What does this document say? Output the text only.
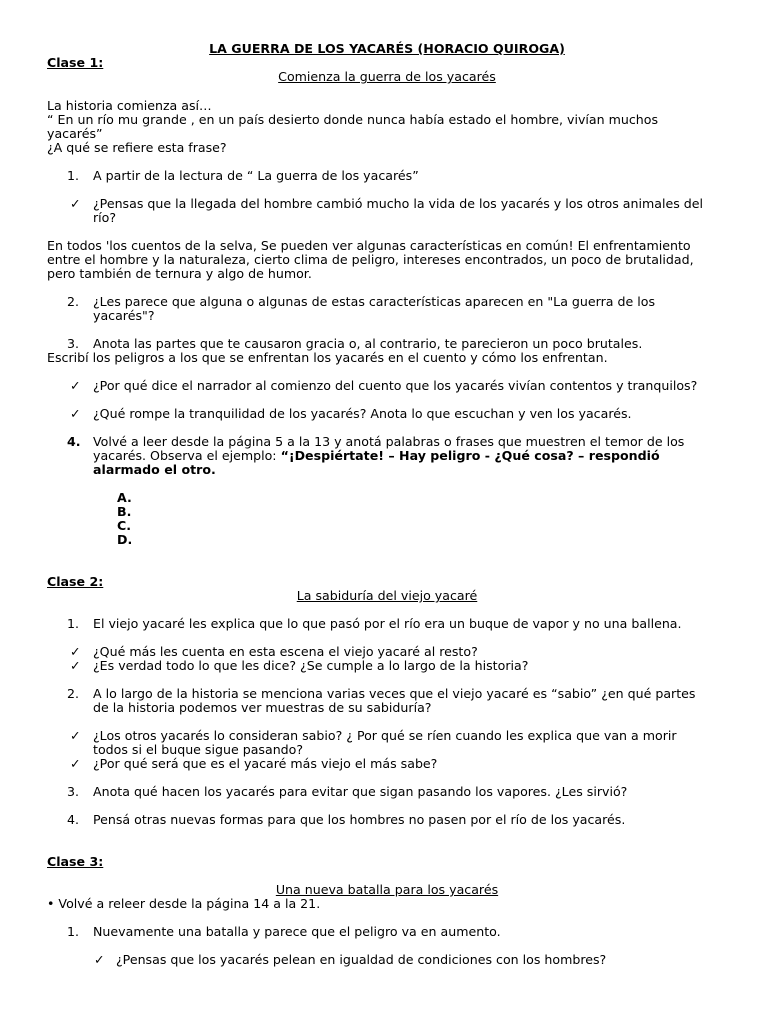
LA GUERRA DE LOS YACARÉS (HORACIO QUIROGA)

Clase 1:

Comienza la guerra de los yacarés

La historia comienza así…

“ En un río mu grande , en un país desierto donde nunca había estado el hombre, vivían muchos

yacarés”

¿A qué se refiere esta frase?

1.	A partir de la lectura de “ La guerra de los yacarés”

✓ ¿Pensas que la llegada del hombre cambió mucho la vida de los yacarés y los otros animales del

río?

En todos 'los cuentos de la selva, Se pueden ver algunas características en común! El enfrentamiento

entre el hombre y la naturaleza, cierto clima de peligro, intereses encontrados, un poco de brutalidad,

pero también de ternura y algo de humor.

2.	¿Les parece que alguna o algunas de estas características aparecen en "La guerra de los

yacarés"?

3.	Anota las partes que te causaron gracia o, al contrario, te parecieron un poco brutales.

Escribí los peligros a los que se enfrentan los yacarés en el cuento y cómo los enfrentan.

✓ ¿Por qué dice el narrador al comienzo del cuento que los yacarés vivían contentos y tranquilos?

✓ ¿Qué rompe la tranquilidad de los yacarés? Anota lo que escuchan y ven los yacarés.

4. Volvé a leer desde la página 5 a la 13 y anotá palabras o frases que muestren el temor de los

yacarés. Observa el ejemplo: “¡Despiértate! – Hay peligro - ¿Qué cosa? – respondió

alarmado el otro.

A.

B.

C.

D.

Clase 2:

La sabiduría del viejo yacaré

1.	El viejo yacaré les explica que lo que pasó por el río era un buque de vapor y no una ballena.

✓ ¿Qué más les cuenta en esta escena el viejo yacaré al resto?

✓ ¿Es verdad todo lo que les dice? ¿Se cumple a lo largo de la historia?

2.	A lo largo de la historia se menciona varias veces que el viejo yacaré es “sabio” ¿en qué partes

de la historia podemos ver muestras de su sabiduría?

✓ ¿Los otros yacarés lo consideran sabio? ¿ Por qué se ríen cuando les explica que van a morir

todos si el buque sigue pasando?

✓ ¿Por qué será que es el yacaré más viejo el más sabe?

3.	Anota qué hacen los yacarés para evitar que sigan pasando los vapores. ¿Les sirvió?

4.	Pensá otras nuevas formas para que los hombres no pasen por el río de los yacarés.

Clase 3:

Una nueva batalla para los yacarés

• Volvé a releer desde la página 14 a la 21.

1.	Nuevamente una batalla y parece que el peligro va en aumento.

✓ ¿Pensas que los yacarés pelean en igualdad de condiciones con los hombres?
